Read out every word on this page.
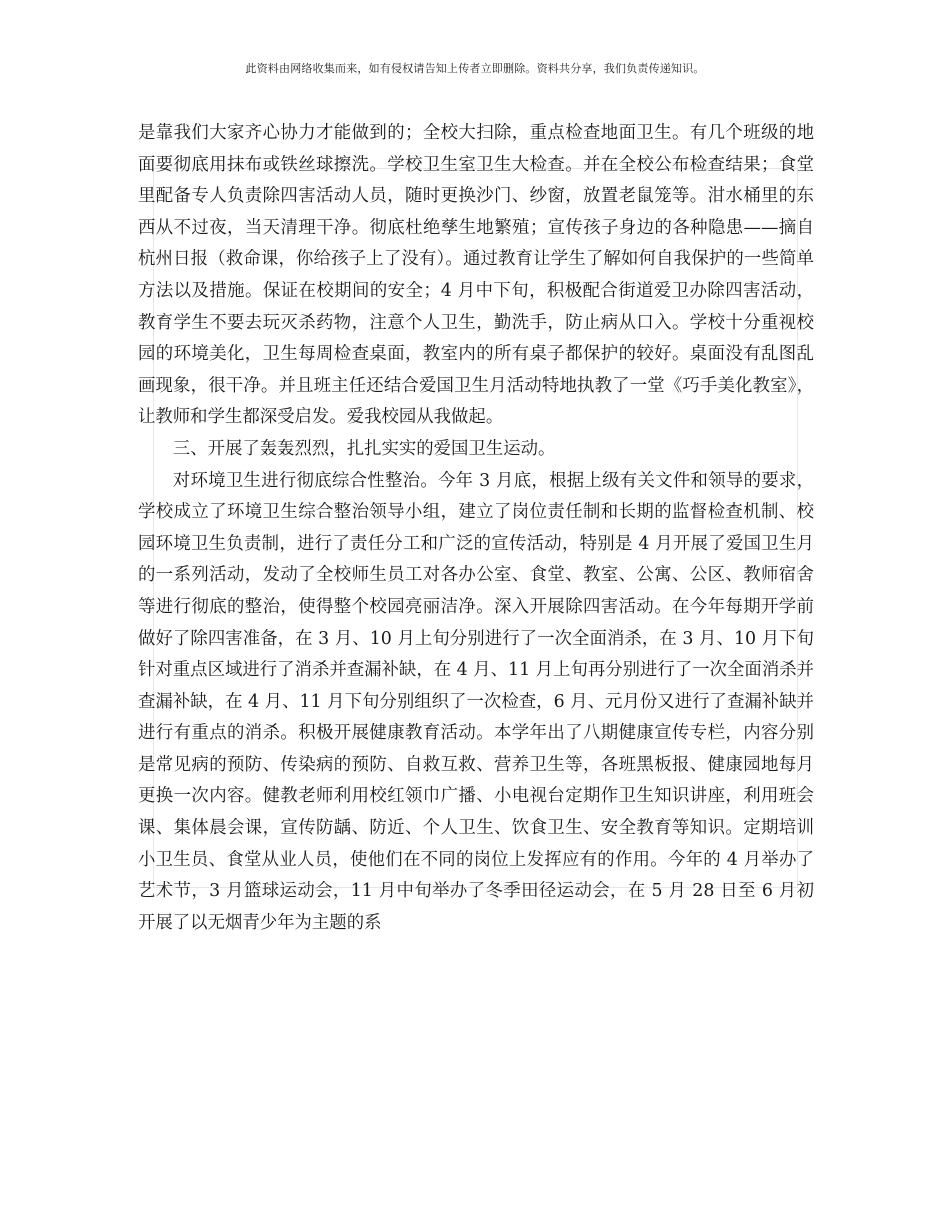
此资料由网络收集而来，如有侵权请告知上传者立即删除。资料共分享，我们负责传递知识。

是靠我们大家齐心协力才能做到的；全校大扫除，重点检查地面卫生。有几个班级的地面要彻底用抹布或铁丝球擦洗。学校卫生室卫生大检查。并在全校公布检查结果；食堂里配备专人负责除四害活动人员，随时更换沙门、纱窗，放置老鼠笼等。泔水桶里的东西从不过夜，当天清理干净。彻底杜绝孳生地繁殖；宣传孩子身边的各种隐患——摘自杭州日报（救命课，你给孩子上了没有）。通过教育让学生了解如何自我保护的一些简单方法以及措施。保证在校期间的安全；4 月中下旬，积极配合街道爱卫办除四害活动，教育学生不要去玩灭杀药物，注意个人卫生，勤洗手，防止病从口入。学校十分重视校园的环境美化，卫生每周检查桌面，教室内的所有桌子都保护的较好。桌面没有乱图乱画现象，很干净。并且班主任还结合爱国卫生月活动特地执教了一堂《巧手美化教室》，让教师和学生都深受启发。爱我校园从我做起。

三、开展了轰轰烈烈，扎扎实实的爱国卫生运动。

对环境卫生进行彻底综合性整治。今年 3 月底，根据上级有关文件和领导的要求，学校成立了环境卫生综合整治领导小组，建立了岗位责任制和长期的监督检查机制、校园环境卫生负责制，进行了责任分工和广泛的宣传活动，特别是 4 月开展了爱国卫生月的一系列活动，发动了全校师生员工对各办公室、食堂、教室、公寓、公区、教师宿舍等进行彻底的整治，使得整个校园亮丽洁净。深入开展除四害活动。在今年每期开学前做好了除四害准备，在 3 月、10 月上旬分别进行了一次全面消杀，在 3 月、10 月下旬针对重点区域进行了消杀并查漏补缺，在 4 月、11 月上旬再分别进行了一次全面消杀并查漏补缺，在 4 月、11 月下旬分别组织了一次检查，6 月、元月份又进行了查漏补缺并进行有重点的消杀。积极开展健康教育活动。本学年出了八期健康宣传专栏，内容分别是常见病的预防、传染病的预防、自救互救、营养卫生等，各班黑板报、健康园地每月更换一次内容。健教老师利用校红领巾广播、小电视台定期作卫生知识讲座，利用班会课、集体晨会课，宣传防龋、防近、个人卫生、饮食卫生、安全教育等知识。定期培训小卫生员、食堂从业人员，使他们在不同的岗位上发挥应有的作用。今年的 4 月举办了艺术节，3 月篮球运动会，11 月中旬举办了冬季田径运动会，在 5 月 28 日至 6 月初开展了以无烟青少年为主题的系
